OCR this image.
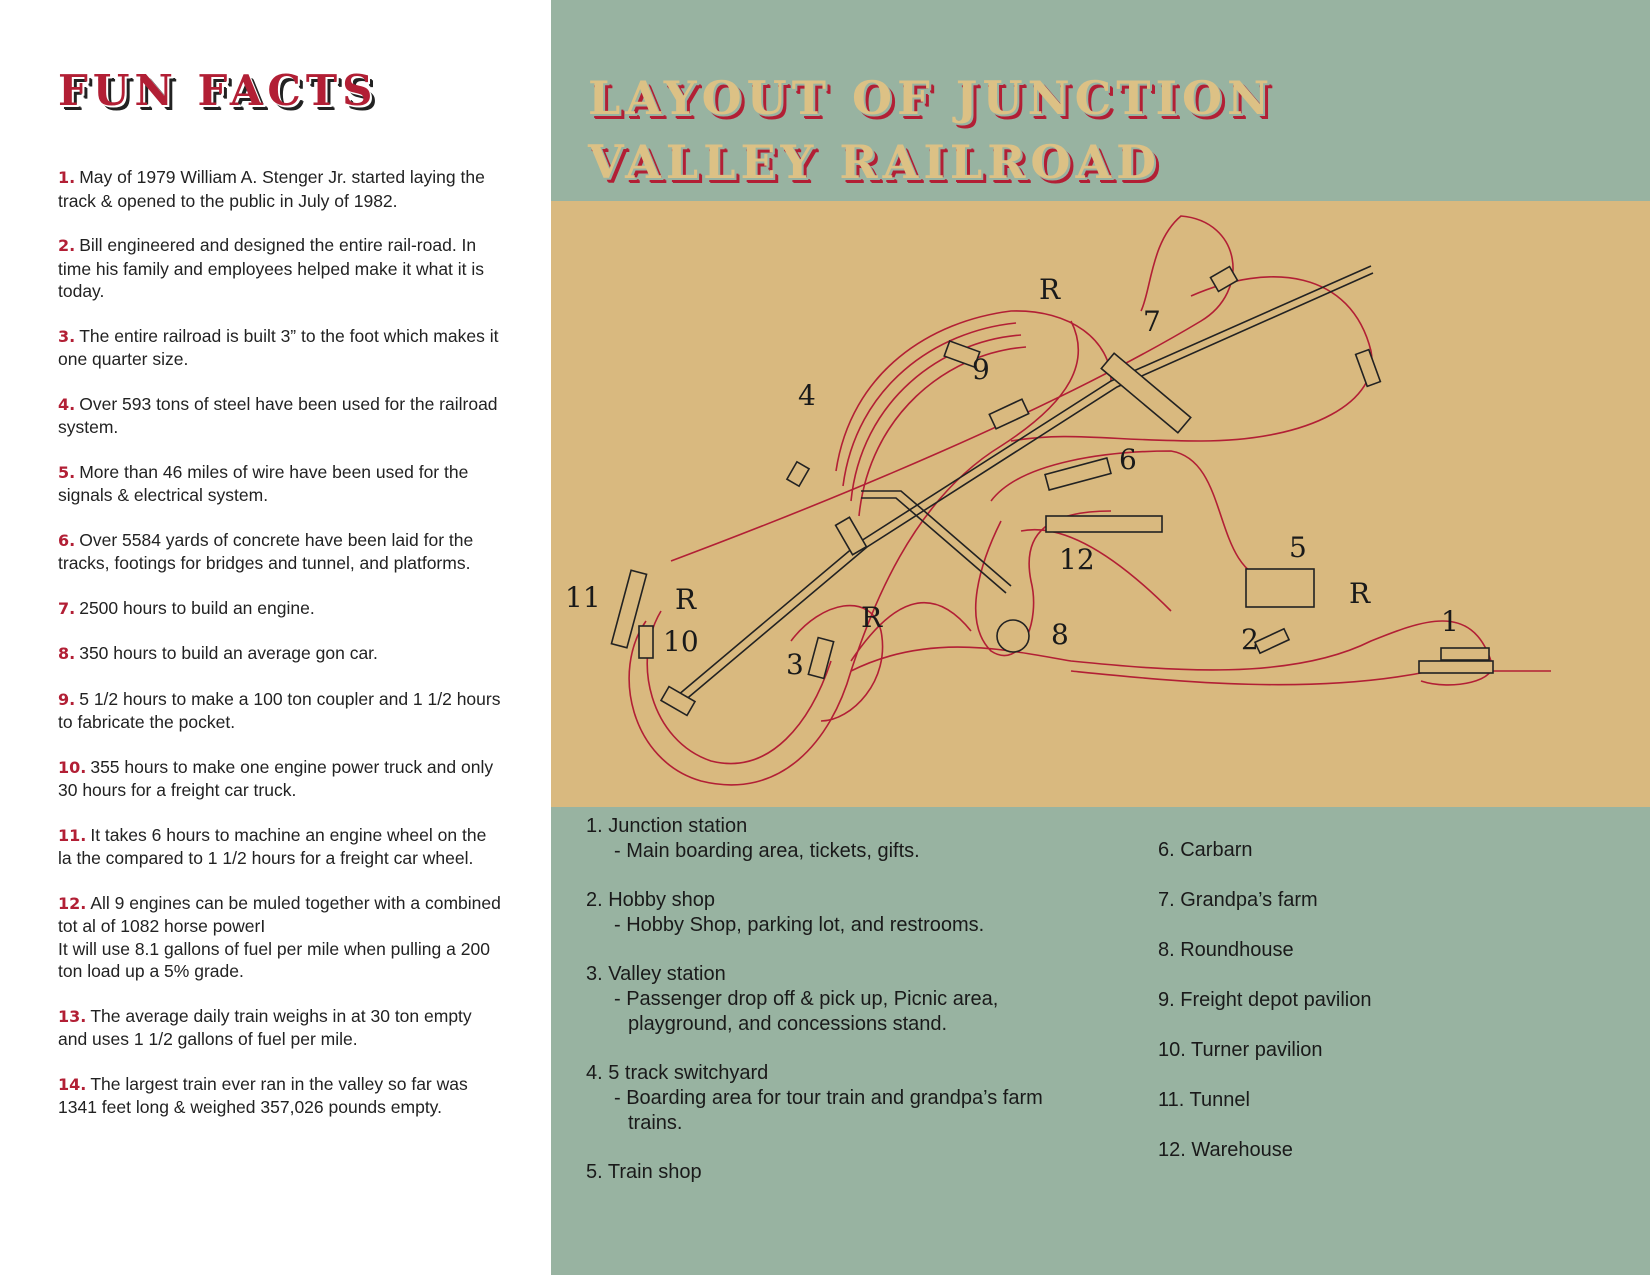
FUN FACTS
1. May of 1979 William A. Stenger Jr. started laying the track & opened to the public in July of 1982.
2. Bill engineered and designed the entire rail-road. In time his family and employees helped make it what it is today.
3. The entire railroad is built 3” to the foot which makes it one quarter size.
4. Over 593 tons of steel have been used for the railroad system.
5. More than 46 miles of wire have been used for the signals & electrical system.
6. Over 5584 yards of concrete have been laid for the tracks, footings for bridges and tunnel, and platforms.
7. 2500 hours to build an engine.
8. 350 hours to build an average gon car.
9. 5 1/2 hours to make a 100 ton coupler and 1 1/2 hours to fabricate the pocket.
10. 355 hours to make one engine power truck and only 30 hours for a freight car truck.
11. It takes 6 hours to machine an engine wheel on the la the compared to 1 1/2 hours for a freight car wheel.
12. All 9 engines can be muled together with a combined tot al of 1082 horse powerI
It will use 8.1 gallons of fuel per mile when pulling a 200 ton load up a 5% grade.
13. The average daily train weighs in at 30 ton empty and uses 1 1/2 gallons of fuel per mile.
14. The largest train ever ran in the valley so far was 1341 feet long & weighed 357,026 pounds empty.
LAYOUT OF JUNCTION
VALLEY RAILROAD
1
2
3
4
5
6
7
8
9
10
11
12
R
R
R
R
1. Junction station
- Main boarding area, tickets, gifts.
2. Hobby shop
- Hobby Shop, parking lot, and restrooms.
3. Valley station
- Passenger drop off & pick up, Picnic area, playground, and concessions stand.
4. 5 track switchyard
- Boarding area for tour train and grandpa’s farm trains.
5. Train shop
6. Carbarn
7. Grandpa’s farm
8. Roundhouse
9. Freight depot pavilion
10. Turner pavilion
11. Tunnel
12. Warehouse
